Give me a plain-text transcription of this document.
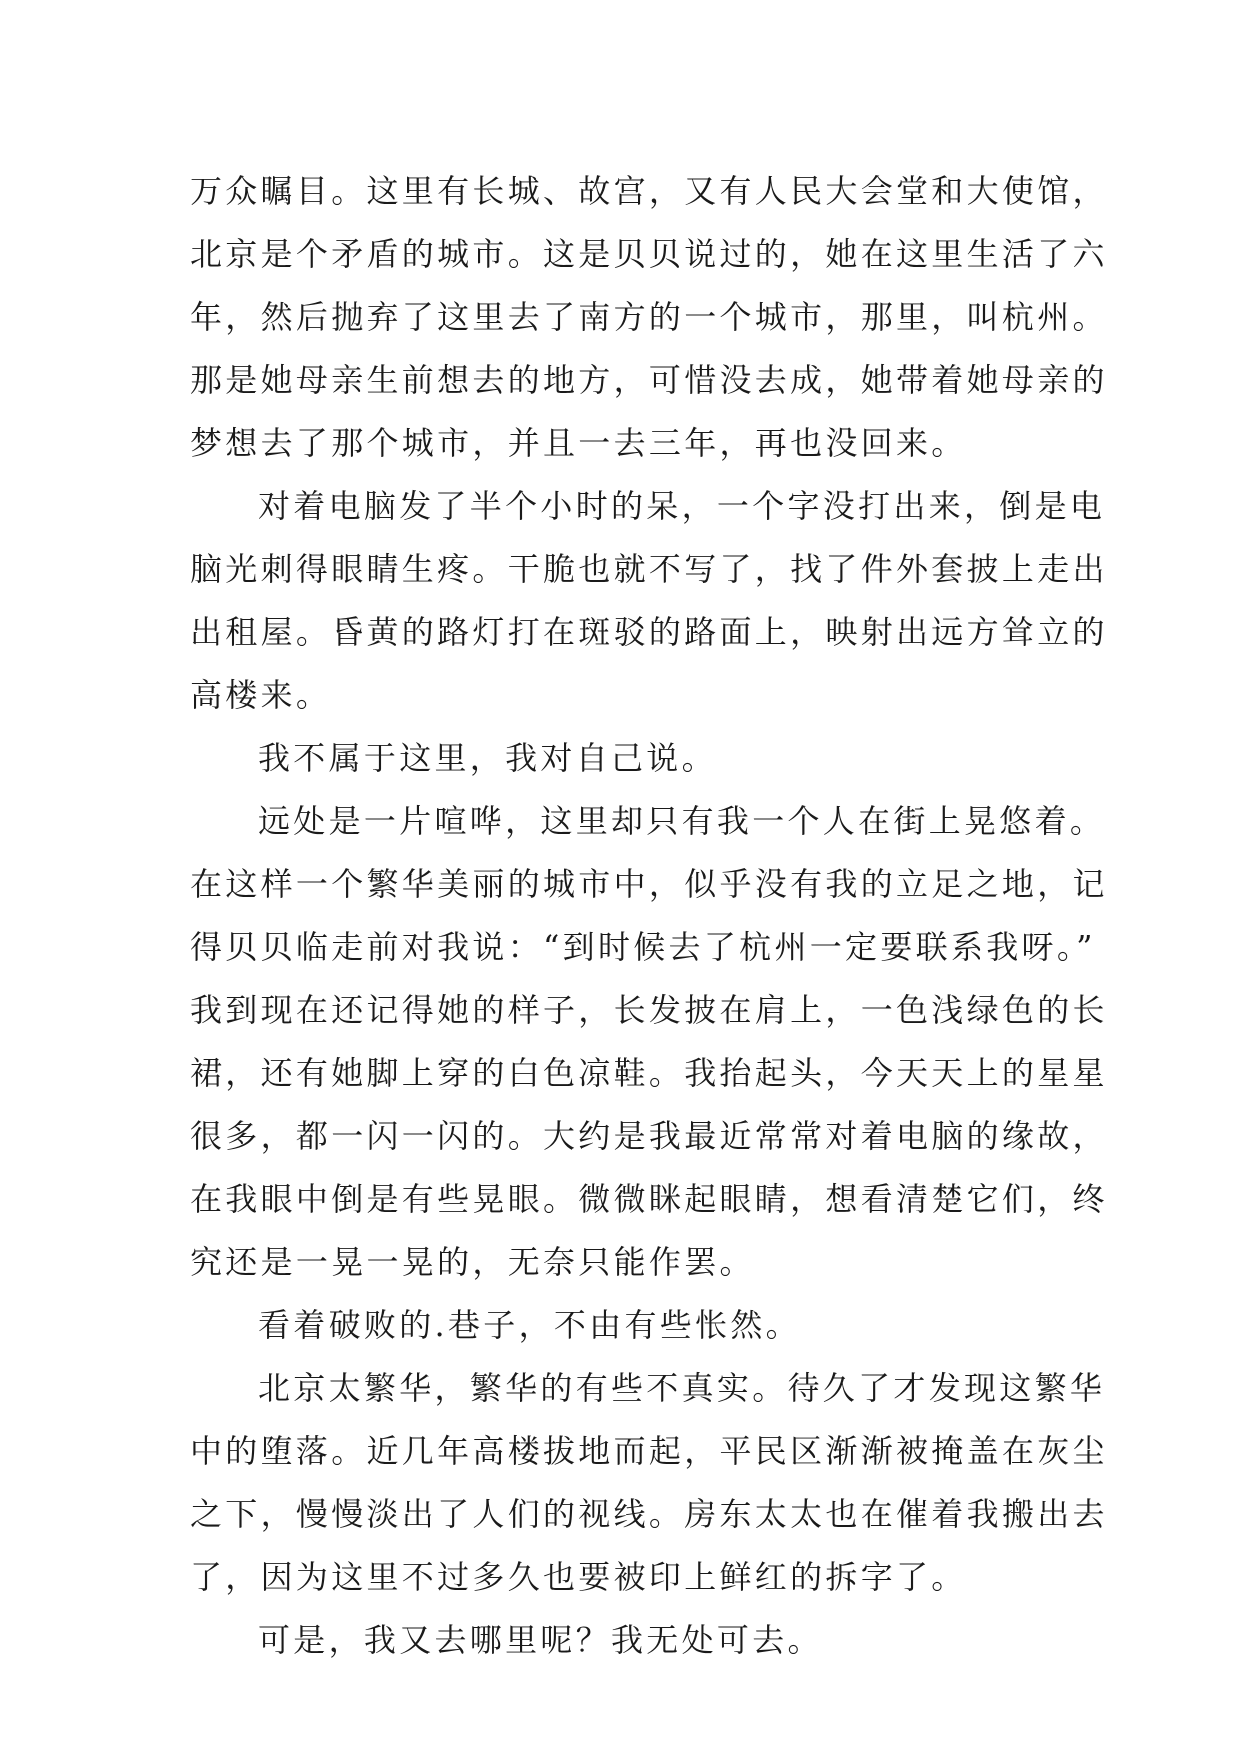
万众瞩目。这里有长城、故宫，又有人民大会堂和大使馆，
北京是个矛盾的城市。这是贝贝说过的，她在这里生活了六
年，然后抛弃了这里去了南方的一个城市，那里，叫杭州。
那是她母亲生前想去的地方，可惜没去成，她带着她母亲的
梦想去了那个城市，并且一去三年，再也没回来。
对着电脑发了半个小时的呆，一个字没打出来，倒是电
脑光刺得眼睛生疼。干脆也就不写了，找了件外套披上走出
出租屋。昏黄的路灯打在斑驳的路面上，映射出远方耸立的
高楼来。
我不属于这里，我对自己说。
远处是一片喧哗，这里却只有我一个人在街上晃悠着。
在这样一个繁华美丽的城市中，似乎没有我的立足之地，记
得贝贝临走前对我说：“到时候去了杭州一定要联系我呀。”
我到现在还记得她的样子，长发披在肩上，一色浅绿色的长
裙，还有她脚上穿的白色凉鞋。我抬起头，今天天上的星星
很多，都一闪一闪的。大约是我最近常常对着电脑的缘故，
在我眼中倒是有些晃眼。微微眯起眼睛，想看清楚它们，终
究还是一晃一晃的，无奈只能作罢。
看着破败的.巷子，不由有些怅然。
北京太繁华，繁华的有些不真实。待久了才发现这繁华
中的堕落。近几年高楼拔地而起，平民区渐渐被掩盖在灰尘
之下，慢慢淡出了人们的视线。房东太太也在催着我搬出去
了，因为这里不过多久也要被印上鲜红的拆字了。
可是，我又去哪里呢？我无处可去。
